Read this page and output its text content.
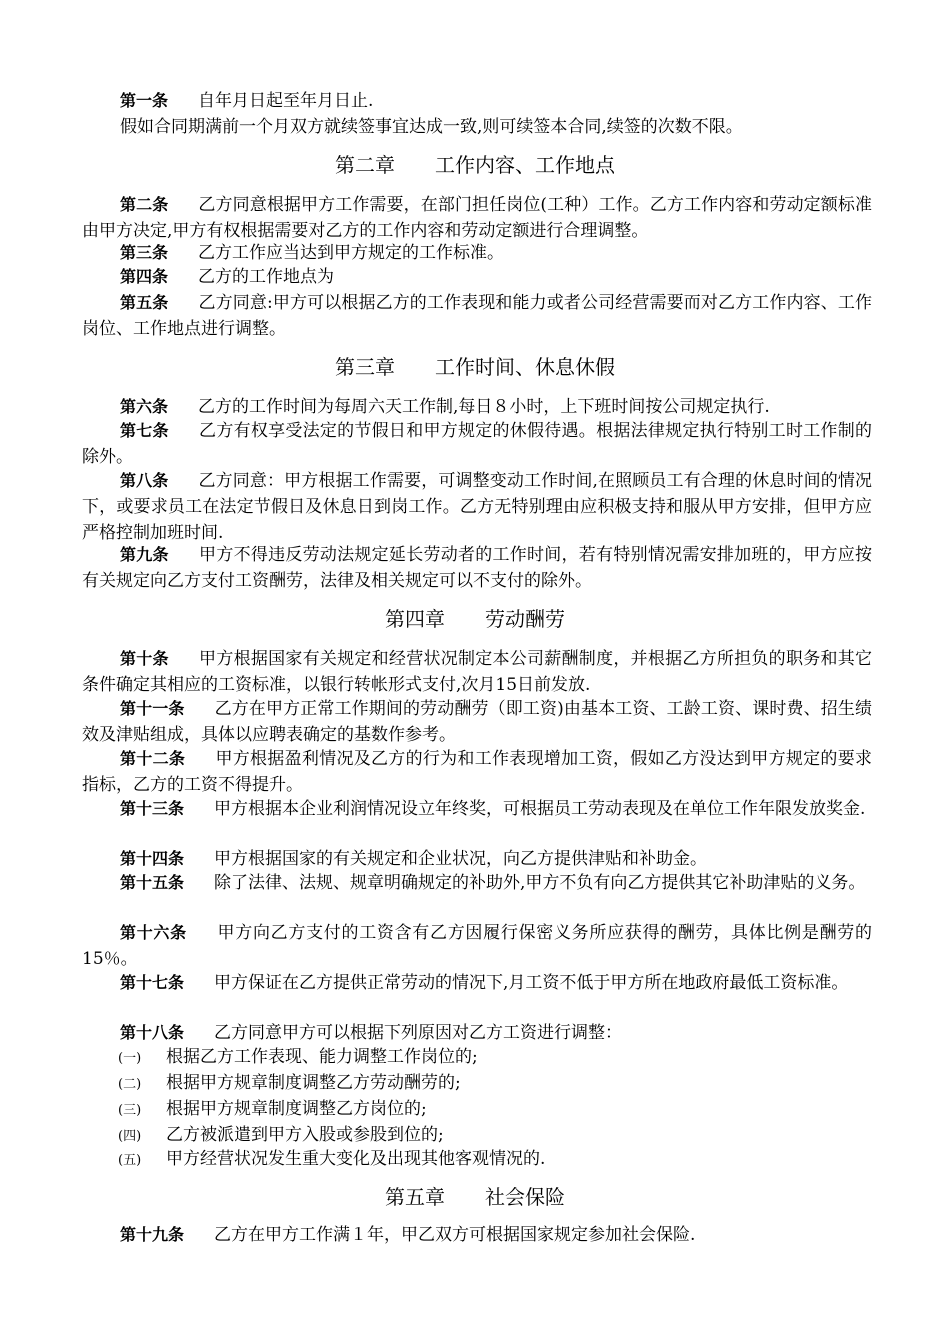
第一条 自年月日起至年月日止.

假如合同期满前一个月双方就续签事宜达成一致,则可续签本合同,续签的次数不限。

第二章 工作内容、工作地点

第二条 乙方同意根据甲方工作需要，在部门担任岗位(工种）工作。乙方工作内容和劳动定额标准由甲方决定,甲方有权根据需要对乙方的工作内容和劳动定额进行合理调整。

第三条 乙方工作应当达到甲方规定的工作标准。

第四条 乙方的工作地点为

第五条 乙方同意:甲方可以根据乙方的工作表现和能力或者公司经营需要而对乙方工作内容、工作岗位、工作地点进行调整。

第三章 工作时间、休息休假

第六条 乙方的工作时间为每周六天工作制,每日８小时，上下班时间按公司规定执行.

第七条 乙方有权享受法定的节假日和甲方规定的休假待遇。根据法律规定执行特别工时工作制的除外。

第八条 乙方同意：甲方根据工作需要，可调整变动工作时间,在照顾员工有合理的休息时间的情况下，或要求员工在法定节假日及休息日到岗工作。乙方无特别理由应积极支持和服从甲方安排，但甲方应严格控制加班时间.

第九条 甲方不得违反劳动法规定延长劳动者的工作时间，若有特别情况需安排加班的，甲方应按有关规定向乙方支付工资酬劳，法律及相关规定可以不支付的除外。

第四章 劳动酬劳

第十条 甲方根据国家有关规定和经营状况制定本公司薪酬制度，并根据乙方所担负的职务和其它条件确定其相应的工资标准，以银行转帐形式支付,次月15日前发放.

第十一条 乙方在甲方正常工作期间的劳动酬劳（即工资)由基本工资、工龄工资、课时费、招生绩效及津贴组成，具体以应聘表确定的基数作参考。

第十二条 甲方根据盈利情况及乙方的行为和工作表现增加工资，假如乙方没达到甲方规定的要求指标，乙方的工资不得提升。

第十三条 甲方根据本企业利润情况设立年终奖，可根据员工劳动表现及在单位工作年限发放奖金.

第十四条 甲方根据国家的有关规定和企业状况，向乙方提供津贴和补助金。

第十五条 除了法律、法规、规章明确规定的补助外,甲方不负有向乙方提供其它补助津贴的义务。

第十六条 甲方向乙方支付的工资含有乙方因履行保密义务所应获得的酬劳，具体比例是酬劳的15％。

第十七条 甲方保证在乙方提供正常劳动的情况下,月工资不低于甲方所在地政府最低工资标准。

第十八条 乙方同意甲方可以根据下列原因对乙方工资进行调整：

(一) 根据乙方工作表现、能力调整工作岗位的;

(二) 根据甲方规章制度调整乙方劳动酬劳的;

(三) 根据甲方规章制度调整乙方岗位的;

(四) 乙方被派遣到甲方入股或参股到位的;

(五) 甲方经营状况发生重大变化及出现其他客观情况的.

第五章 社会保险

第十九条 乙方在甲方工作满１年，甲乙双方可根据国家规定参加社会保险.
